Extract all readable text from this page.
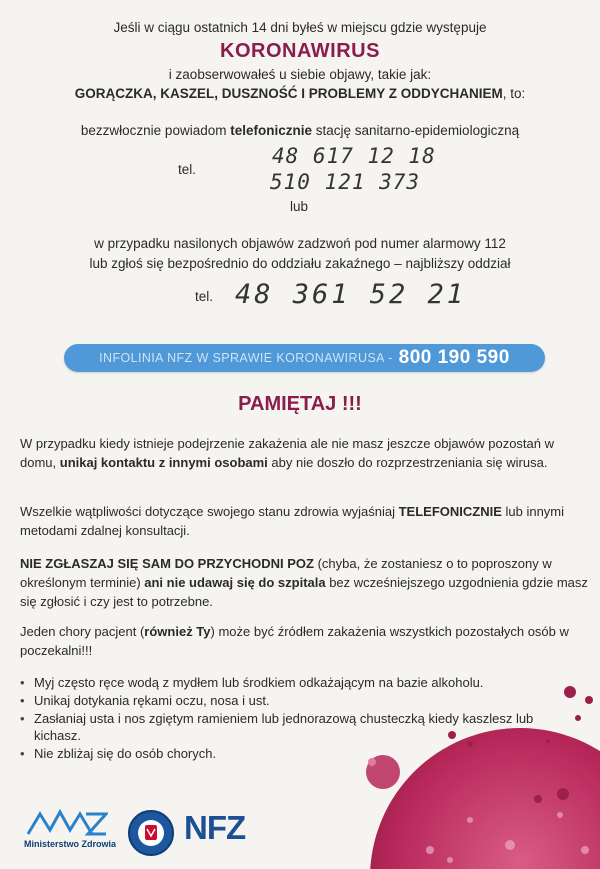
Jeśli w ciągu ostatnich 14 dni byłeś w miejscu gdzie występuje
KORONAWIRUS
i zaobserwowałeś u siebie objawy, takie jak:
GORĄCZKA, KASZEL, DUSZNOŚĆ I PROBLEMY Z ODDYCHANIEM, to:
bezzwłocznie powiadom telefonicznie stację sanitarno-epidemiologiczną
tel.
48 617 12 18
510 121 373
lub
w przypadku nasilonych objawów zadzwoń pod numer alarmowy 112
lub zgłoś się bezpośrednio do oddziału zakaźnego – najbliższy oddział
tel. 48 361 52 21
INFOLINIA NFZ W SPRAWIE KORONAWIRUSA - 800 190 590
PAMIĘTAJ !!!
W przypadku kiedy istnieje podejrzenie zakażenia ale nie masz jeszcze objawów pozostań w domu, unikaj kontaktu z innymi osobami aby nie doszło do rozprzestrzeniania się wirusa.
Wszelkie wątpliwości dotyczące swojego stanu zdrowia wyjaśniaj TELEFONICZNIE lub innymi metodami zdalnej konsultacji.
NIE ZGŁASZAJ SIĘ SAM DO PRZYCHODNI POZ (chyba, że zostaniesz o to poproszony w określonym terminie) ani nie udawaj się do szpitala bez wcześniejszego uzgodnienia gdzie masz się zgłosić i czy jest to potrzebne.
Jeden chory pacjent (również Ty) może być źródłem zakażenia wszystkich pozostałych osób w poczekalni!!!
• Myj często ręce wodą z mydłem lub środkiem odkażającym na bazie alkoholu.
• Unikaj dotykania rękami oczu, nosa i ust.
• Zasłaniaj usta i nos zgiętym ramieniem lub jednorazową chusteczką kiedy kaszlesz lub kichasz.
• Nie zbliżaj się do osób chorych.
Ministerstwo Zdrowia NFZ
